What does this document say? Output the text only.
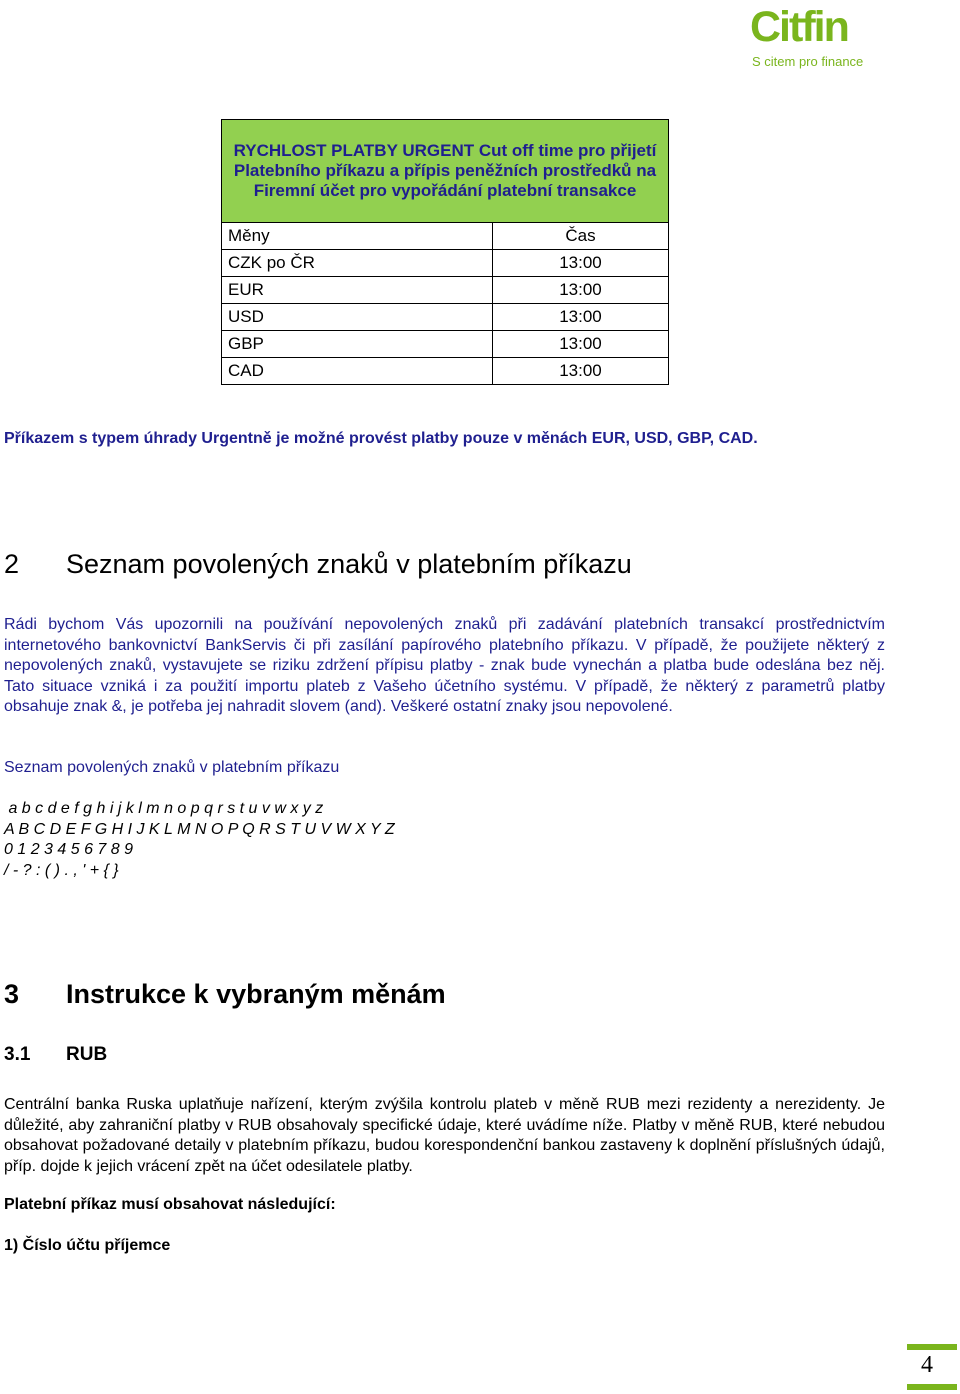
Citfin
S citem pro finance
RYCHLOST PLATBY URGENT Cut off time pro přijetí Platebního příkazu a přípis peněžních prostředků na Firemní účet pro vypořádání platební transakce	
Měny	Čas
CZK po ČR	13:00
EUR	13:00
USD	13:00
GBP	13:00
CAD	13:00
Příkazem s typem úhrady Urgentně je možné provést platby pouze v měnách EUR, USD, GBP, CAD.
2 Seznam povolených znaků v platebním příkazu

Rádi bychom Vás upozornili na používání nepovolených znaků při zadávání platebních transakcí prostřednictvím internetového bankovnictví BankServis či při zasílání papírového platebního příkazu. V případě, že použijete některý z nepovolených znaků, vystavujete se riziku zdržení přípisu platby - znak bude vynechán a platba bude odeslána bez něj. Tato situace vzniká i za použití importu plateb z Vašeho účetního systému. V případě, že některý z parametrů platby obsahuje znak &, je potřeba jej nahradit slovem (and). Veškeré ostatní znaky jsou nepovolené.

Seznam povolených znaků v platebním příkazu
a b c d e f g h i j k l m n o p q r s t u v w x y z
A B C D E F G H I J K L M N O P Q R S T U V W X Y Z
0 1 2 3 4 5 6 7 8 9
/ - ? : ( ) . , ' + { }
3 Instrukce k vybraným měnám
3.1 RUB

Centrální banka Ruska uplatňuje nařízení, kterým zvýšila kontrolu plateb v měně RUB mezi rezidenty a nerezidenty. Je důležité, aby zahraniční platby v RUB obsahovaly specifické údaje, které uvádíme níže. Platby v měně RUB, které nebudou obsahovat požadované detaily v platebním příkazu, budou korespondenční bankou zastaveny k doplnění příslušných údajů, příp. dojde k jejich vrácení zpět na účet odesilatele platby.

Platební příkaz musí obsahovat následující:
1) Číslo účtu příjemce
4
